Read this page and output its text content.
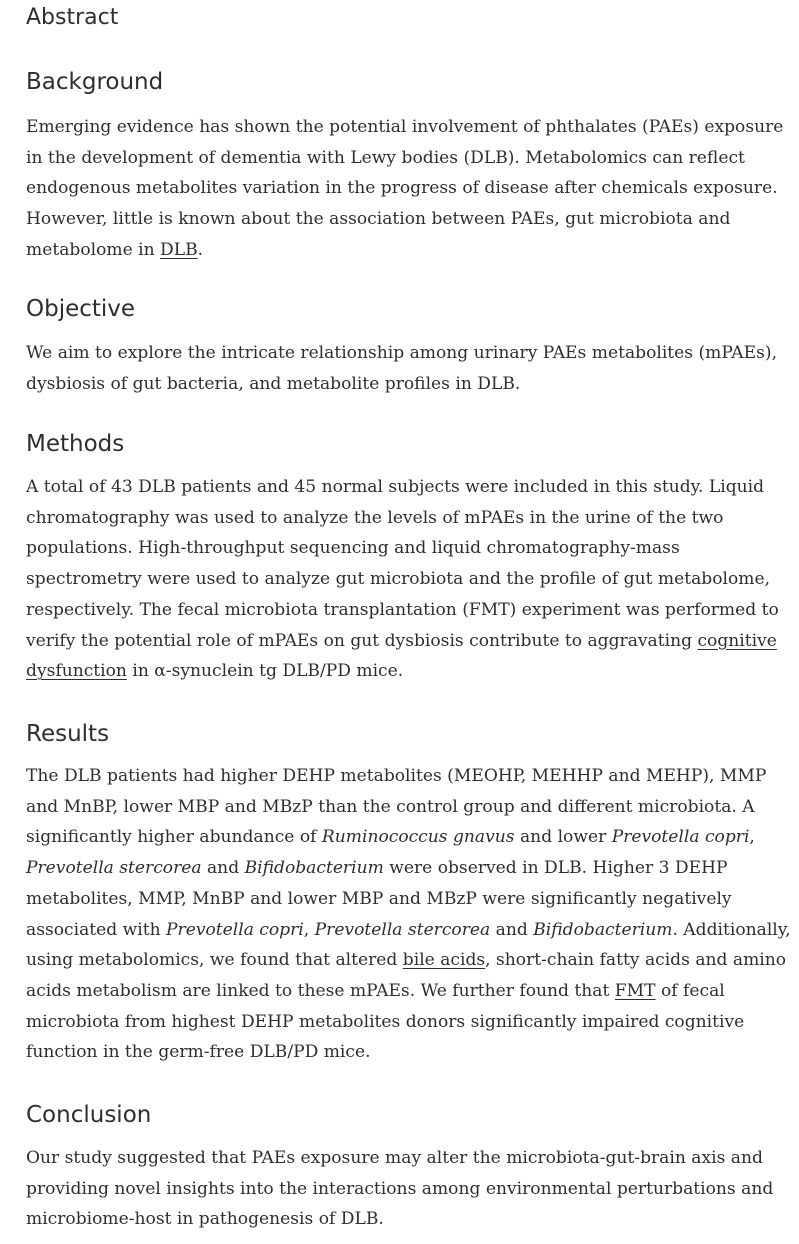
Abstract
Background

Emerging evidence has shown the potential involvement of phthalates (PAEs) exposure in the development of dementia with Lewy bodies (DLB). Metabolomics can reflect endogenous metabolites variation in the progress of disease after chemicals exposure. However, little is known about the association between PAEs, gut microbiota and metabolome in DLB.

Objective

We aim to explore the intricate relationship among urinary PAEs metabolites (mPAEs), dysbiosis of gut bacteria, and metabolite profiles in DLB.

Methods

A total of 43 DLB patients and 45 normal subjects were included in this study. Liquid chromatography was used to analyze the levels of mPAEs in the urine of the two populations. High-throughput sequencing and liquid chromatography-mass spectrometry were used to analyze gut microbiota and the profile of gut metabolome, respectively. The fecal microbiota transplantation (FMT) experiment was performed to verify the potential role of mPAEs on gut dysbiosis contribute to aggravating cognitive dysfunction in α-synuclein tg DLB/PD mice.

Results

The DLB patients had higher DEHP metabolites (MEOHP, MEHHP and MEHP), MMP and MnBP, lower MBP and MBzP than the control group and different microbiota. A significantly higher abundance of Ruminococcus gnavus and lower Prevotella copri, Prevotella stercorea and Bifidobacterium were observed in DLB. Higher 3 DEHP metabolites, MMP, MnBP and lower MBP and MBzP were significantly negatively associated with Prevotella copri, Prevotella stercorea and Bifidobacterium. Additionally, using metabolomics, we found that altered bile acids, short-chain fatty acids and amino acids metabolism are linked to these mPAEs. We further found that FMT of fecal microbiota from highest DEHP metabolites donors significantly impaired cognitive function in the germ-free DLB/PD mice.

Conclusion

Our study suggested that PAEs exposure may alter the microbiota-gut-brain axis and providing novel insights into the interactions among environmental perturbations and microbiome-host in pathogenesis of DLB.
